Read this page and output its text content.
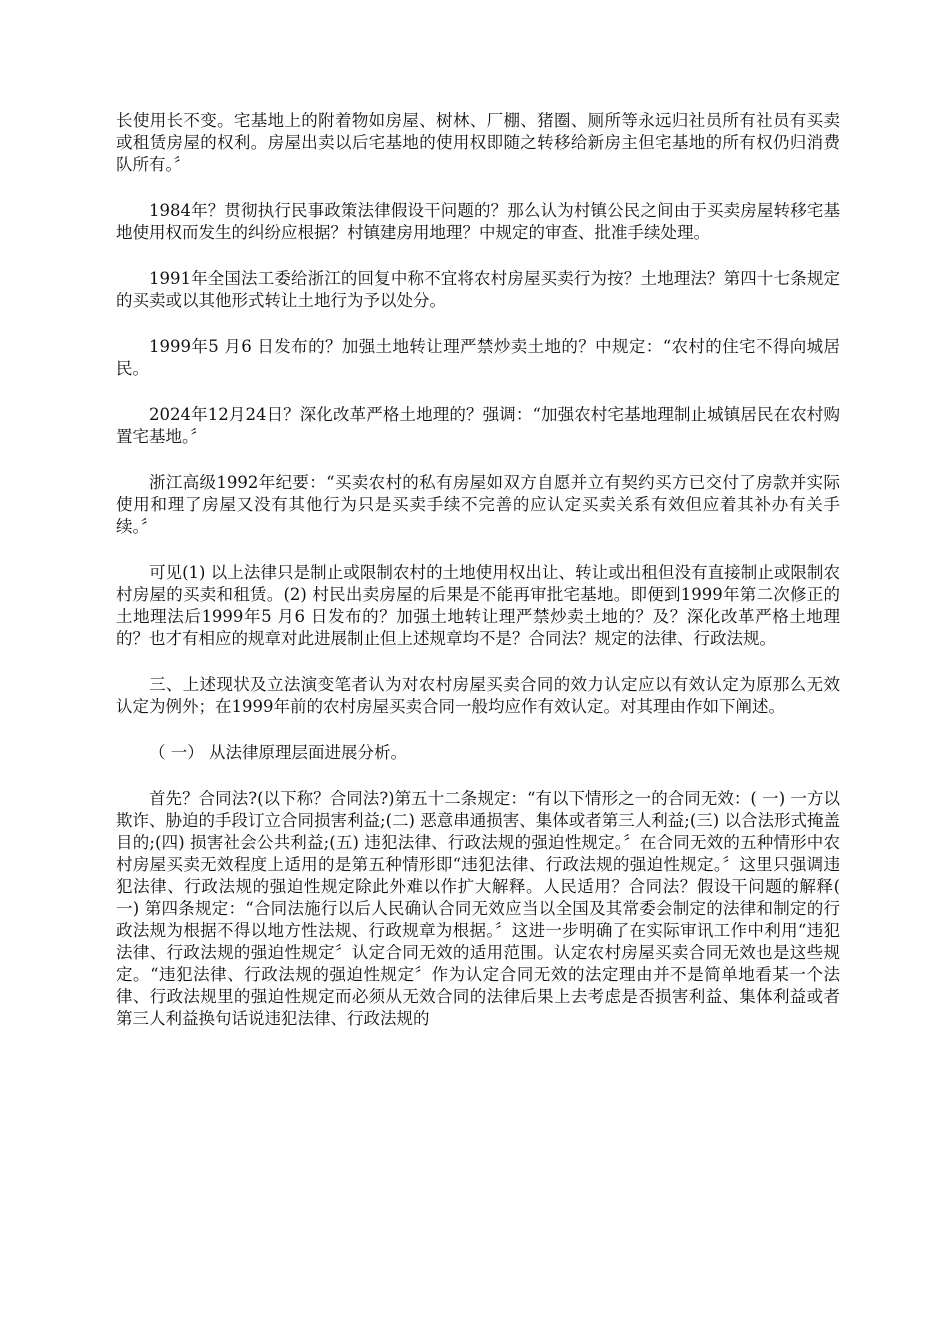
长使用长不变。宅基地上的附着物如房屋、树林、厂棚、猪圈、厕所等永远归社员所有社员有买卖或租赁房屋的权利。房屋出卖以后宅基地的使用权即随之转移给新房主但宅基地的所有权仍归消费队所有。〞

1984年？贯彻执行民事政策法律假设干问题的？那么认为村镇公民之间由于买卖房屋转移宅基地使用权而发生的纠纷应根据？村镇建房用地理？中规定的审查、批准手续处理。

1991年全国法工委给浙江的回复中称不宜将农村房屋买卖行为按？土地理法？第四十七条规定的买卖或以其他形式转让土地行为予以处分。

1999年5 月6 日发布的？加强土地转让理严禁炒卖土地的？中规定：“农村的住宅不得向城居民。

2024年12月24日？深化改革严格土地理的？强调：“加强农村宅基地理制止城镇居民在农村购置宅基地。〞

浙江高级1992年纪要：“买卖农村的私有房屋如双方自愿并立有契约买方已交付了房款并实际使用和理了房屋又没有其他行为只是买卖手续不完善的应认定买卖关系有效但应着其补办有关手续。〞

可见(1) 以上法律只是制止或限制农村的土地使用权出让、转让或出租但没有直接制止或限制农村房屋的买卖和租赁。(2) 村民出卖房屋的后果是不能再审批宅基地。即便到1999年第二次修正的土地理法后1999年5 月6 日发布的？加强土地转让理严禁炒卖土地的？及？深化改革严格土地理的？也才有相应的规章对此进展制止但上述规章均不是？合同法？规定的法律、行政法规。

三、上述现状及立法演变笔者认为对农村房屋买卖合同的效力认定应以有效认定为原那么无效认定为例外；在1999年前的农村房屋买卖合同一般均应作有效认定。对其理由作如下阐述。

（ 一） 从法律原理层面进展分析。

首先？合同法?(以下称？合同法?)第五十二条规定：“有以下情形之一的合同无效：( 一) 一方以欺诈、胁迫的手段订立合同损害利益;(二) 恶意串通损害、集体或者第三人利益;(三) 以合法形式掩盖目的;(四) 损害社会公共利益;(五) 违犯法律、行政法规的强迫性规定。〞在合同无效的五种情形中农村房屋买卖无效程度上适用的是第五种情形即“违犯法律、行政法规的强迫性规定。〞这里只强调违犯法律、行政法规的强迫性规定除此外难以作扩大解释。人民适用？合同法？假设干问题的解释( 一) 第四条规定：“合同法施行以后人民确认合同无效应当以全国及其常委会制定的法律和制定的行政法规为根据不得以地方性法规、行政规章为根据。〞这进一步明确了在实际审讯工作中利用“违犯法律、行政法规的强迫性规定〞认定合同无效的适用范围。认定农村房屋买卖合同无效也是这些规定。“违犯法律、行政法规的强迫性规定〞作为认定合同无效的法定理由并不是简单地看某一个法律、行政法规里的强迫性规定而必须从无效合同的法律后果上去考虑是否损害利益、集体利益或者第三人利益换句话说违犯法律、行政法规的
